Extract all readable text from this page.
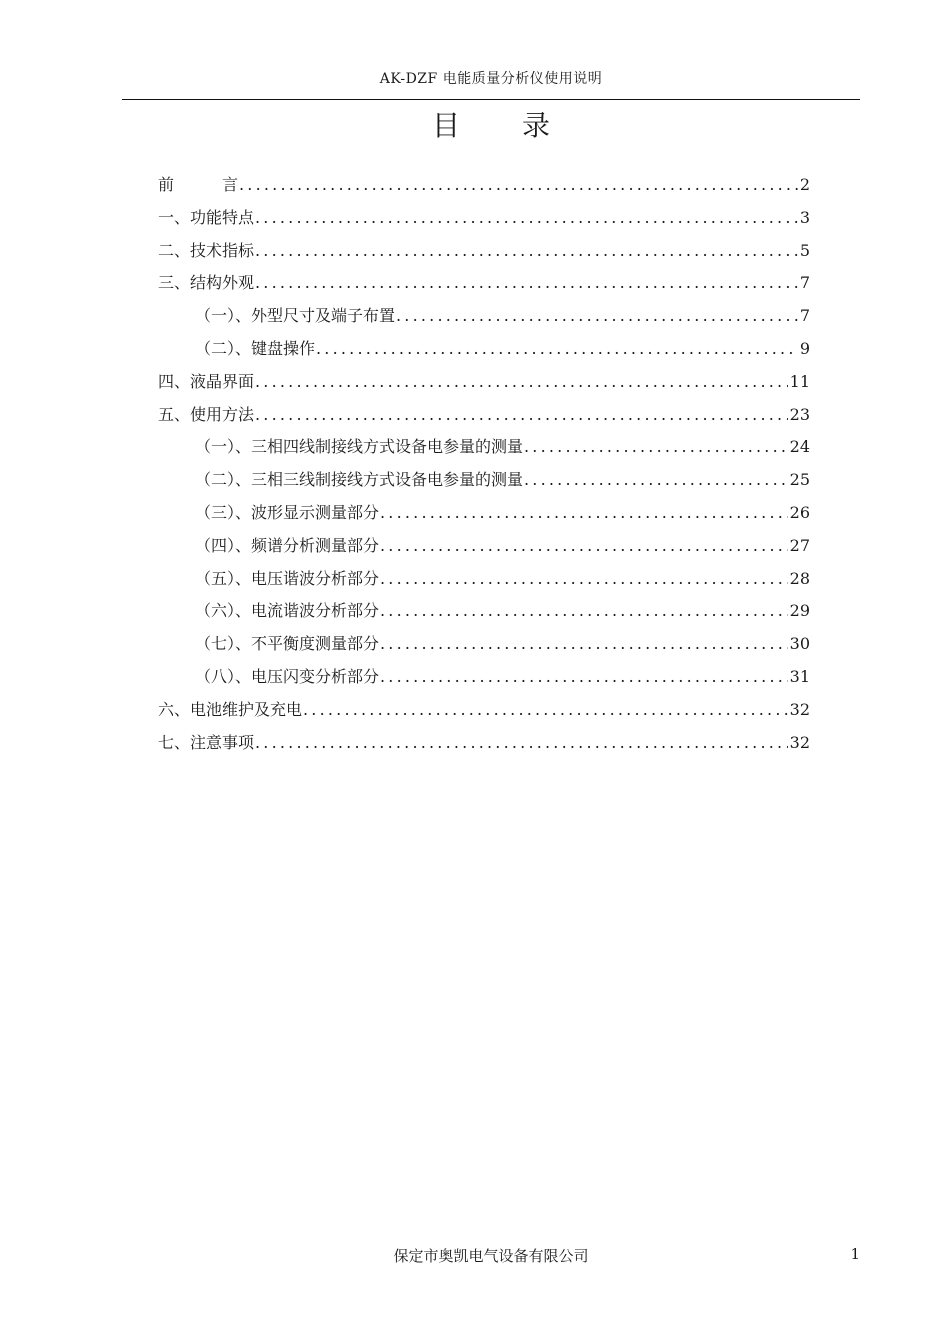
AK-DZF 电能质量分析仪使用说明
目 录
前　　　言 .....	2
一、功能特点 .....	3
二、技术指标 .....	5
三、结构外观 .....	7
（一）、外型尺寸及端子布置 .....	7
（二）、键盘操作 .....	9
四、液晶界面 .....	11
五、使用方法 .....	23
（一）、三相四线制接线方式设备电参量的测量 .....	24
（二）、三相三线制接线方式设备电参量的测量 .....	25
（三）、波形显示测量部分 .....	26
（四）、频谱分析测量部分 .....	27
（五）、电压谐波分析部分 .....	28
（六）、电流谐波分析部分 .....	29
（七）、不平衡度测量部分 .....	30
（八）、电压闪变分析部分 .....	31
六、电池维护及充电 .....	32
七、注意事项 .....	32
保定市奥凯电气设备有限公司	1
